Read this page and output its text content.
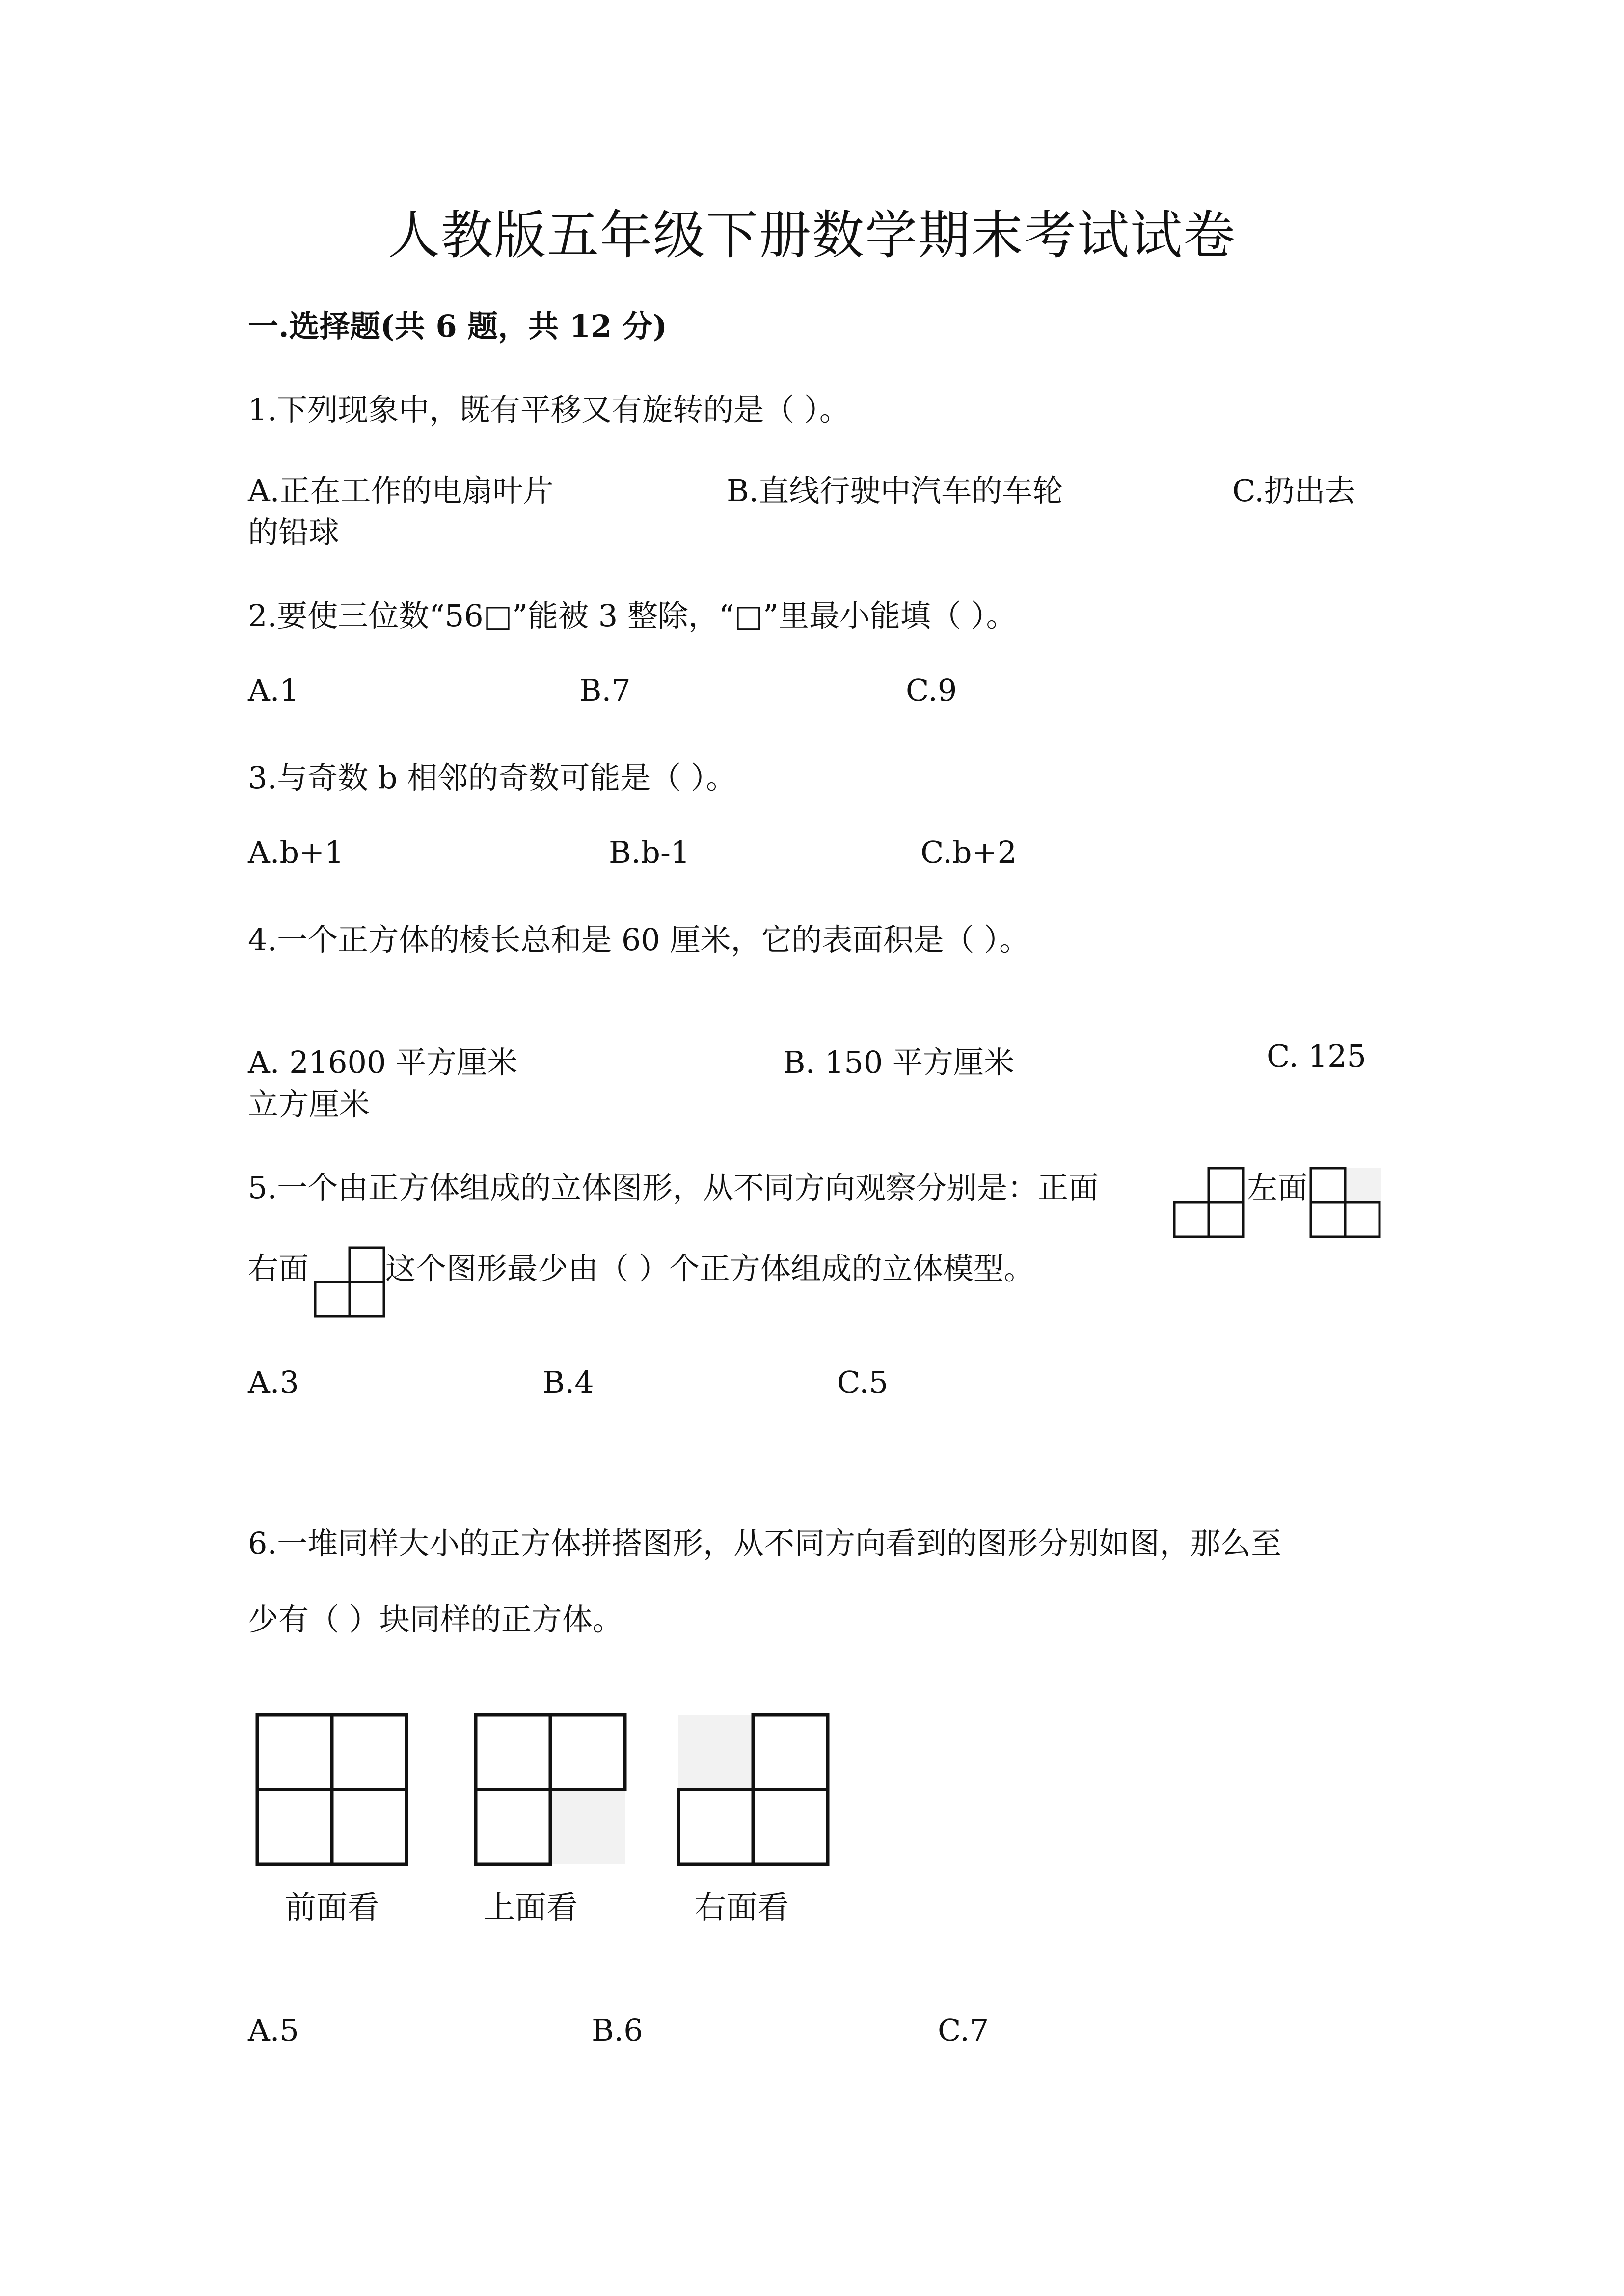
人教版五年级下册数学期末考试试卷
一.选择题(共 6 题，共 12 分)
1.下列现象中，既有平移又有旋转的是（ ）。
A.正在工作的电扇叶片	B.直线行驶中汽车的车轮	C.扔出去
的铅球
2.要使三位数“56□”能被 3 整除，“□”里最小能填（ ）。
A.1	B.7	C.9
3.与奇数 b 相邻的奇数可能是（ ）。
A.b+1	B.b-1	C.b+2
4.一个正方体的棱长总和是 60 厘米，它的表面积是（ ）。
A. 21600 平方厘米	B. 150 平方厘米	C. 125
立方厘米
5.一个由正方体组成的立体图形，从不同方向观察分别是：正面	左面
右面	这个图形最少由（ ）个正方体组成的立体模型。
A.3	B.4	C.5
6.一堆同样大小的正方体拼搭图形，从不同方向看到的图形分别如图，那么至
少有（ ）块同样的正方体。
前面看	上面看	右面看
A.5	B.6	C.7
